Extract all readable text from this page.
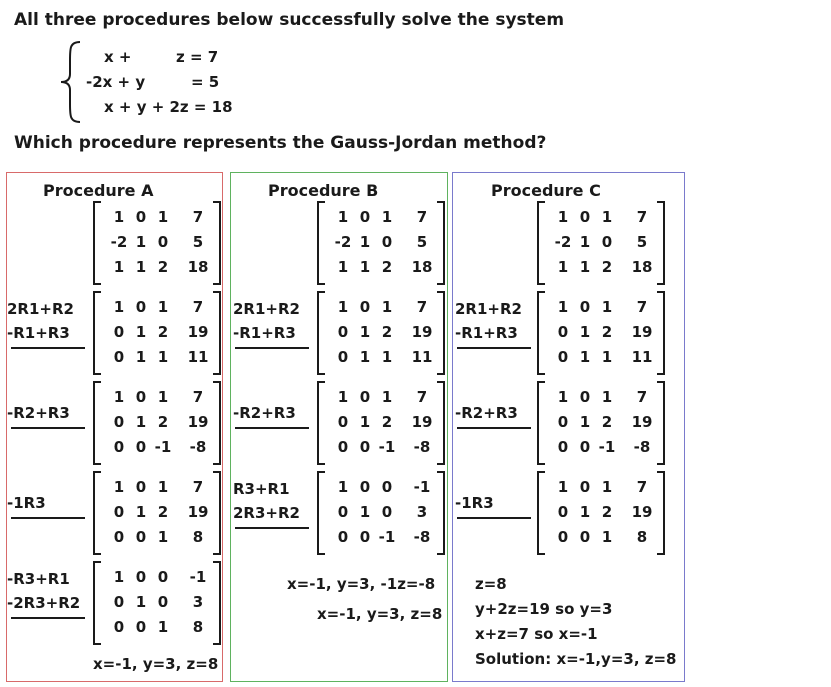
All three procedures below successfully solve the system
x +	z = 7
-2x + y	= 5
x + y + 2z = 18
Which procedure represents the Gauss-Jordan method?
Procedure A
1 0 1	7
-2 1 0	5
1 1 2	18
1 0 1	7
0 1 2	19
0 1 1	11
2R1+R2
-R1+R3
1 0 1	7
0 1 2	19
0 0 -1	-8
-R2+R3
1 0 1	7
0 1 2	19
0 0 1	8
-1R3
1 0 0	-1
0 1 0	3
0 0 1	8
-R3+R1
-2R3+R2
x=-1, y=3, z=8
Procedure B
1 0 1	7
-2 1 0	5
1 1 2	18
1 0 1	7
0 1 2	19
0 1 1	11
2R1+R2
-R1+R3
1 0 1	7
0 1 2	19
0 0 -1	-8
-R2+R3
1 0 0	-1
0 1 0	3
0 0 -1	-8
R3+R1
2R3+R2
x=-1, y=3, -1z=-8
x=-1, y=3, z=8
Procedure C
1 0 1	7
-2 1 0	5
1 1 2	18
1 0 1	7
0 1 2	19
0 1 1	11
2R1+R2
-R1+R3
1 0 1	7
0 1 2	19
0 0 -1	-8
-R2+R3
1 0 1	7
0 1 2	19
0 0 1	8
-1R3
z=8
y+2z=19 so y=3
x+z=7 so x=-1
Solution: x=-1,y=3, z=8
